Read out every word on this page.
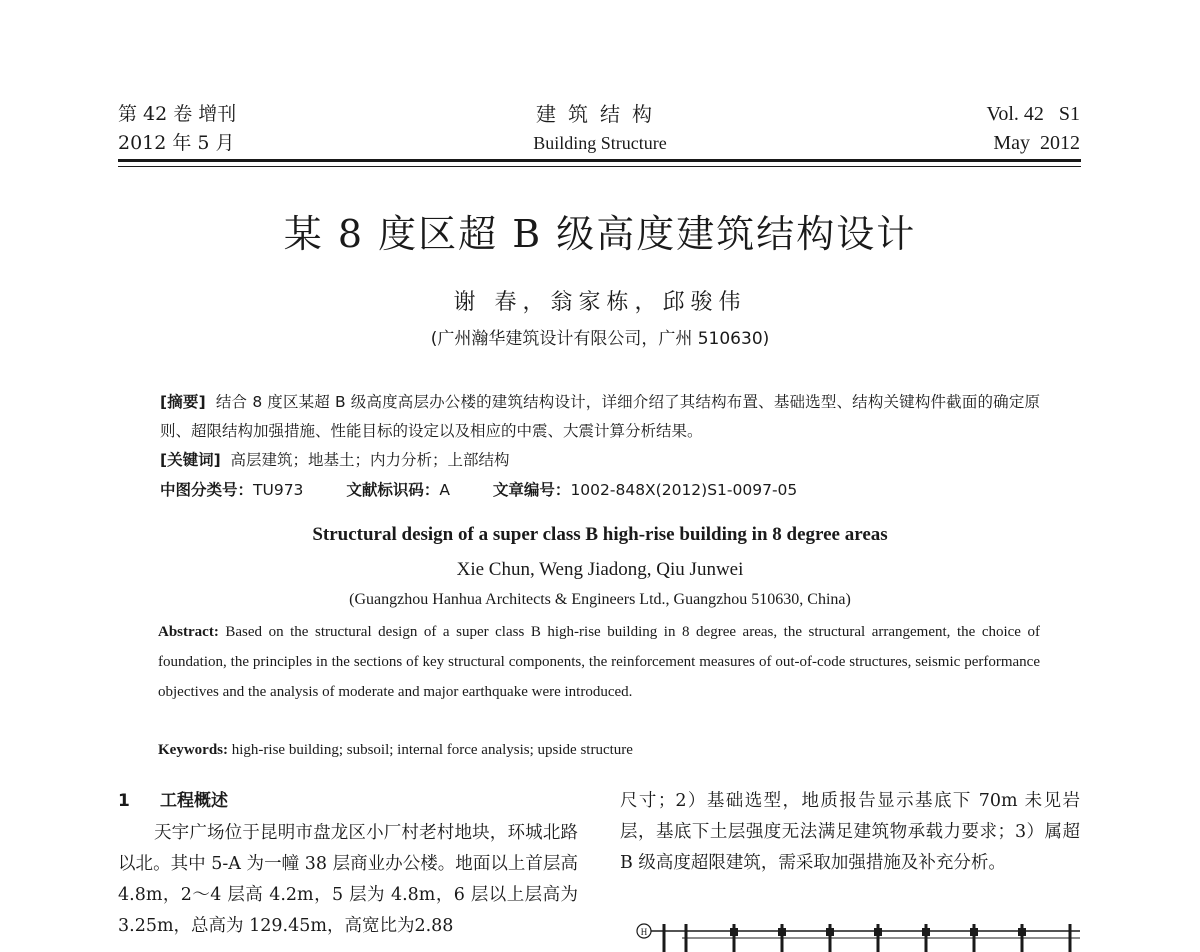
第 42 卷 增刊
2012 年 5 月
建筑结构
Building Structure
Vol. 42   S1
May  2012
某 8 度区超 B 级高度建筑结构设计
谢 春，翁家栋，邱骏伟
(广州瀚华建筑设计有限公司，广州 510630)
[摘要] 结合 8 度区某超 B 级高度高层办公楼的建筑结构设计，详细介绍了其结构布置、基础选型、结构关键构件截面的确定原则、超限结构加强措施、性能目标的设定以及相应的中震、大震计算分析结果。
[关键词] 高层建筑；地基土；内力分析；上部结构
中图分类号：TU973	文献标识码：A	文章编号：1002-848X(2012)S1-0097-05
Structural design of a super class B high-rise building in 8 degree areas
Xie Chun, Weng Jiadong, Qiu Junwei
(Guangzhou Hanhua Architects & Engineers Ltd., Guangzhou 510630, China)
Abstract: Based on the structural design of a super class B high-rise building in 8 degree areas, the structural arrangement, the choice of foundation, the principles in the sections of key structural components, the reinforcement measures of out-of-code structures, seismic performance objectives and the analysis of moderate and major earthquake were introduced.
Keywords: high-rise building; subsoil; internal force analysis; upside structure
1 工程概述
天宇广场位于昆明市盘龙区小厂村老村地块，环城北路以北。其中 5-A 为一幢 38 层商业办公楼。地面以上首层高 4.8m，2～4 层高 4.2m，5 层为 4.8m，6 层以上层高为 3.25m，总高为 129.45m，高宽比为2.88
尺寸；2）基础选型，地质报告显示基底下 70m 未见岩层，基底下土层强度无法满足建筑物承载力要求；3）属超 B 级高度超限建筑，需采取加强措施及补充分析。
H
